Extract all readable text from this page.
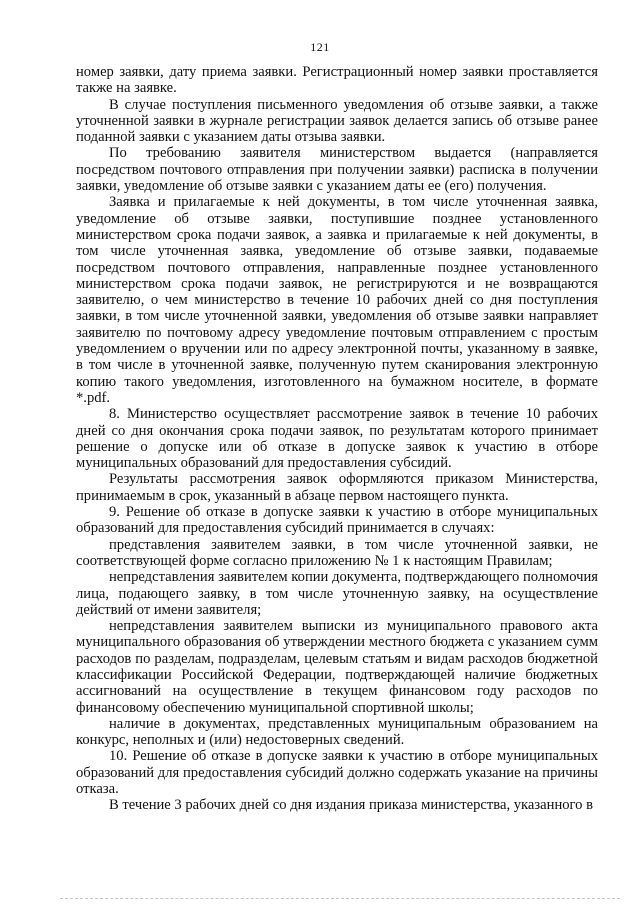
121

номер заявки, дату приема заявки. Регистрационный номер заявки проставляется также на заявке.

В случае поступления письменного уведомления об отзыве заявки, а также уточненной заявки в журнале регистрации заявок делается запись об отзыве ранее поданной заявки с указанием даты отзыва заявки.

По требованию заявителя министерством выдается (направляется посредством почтового отправления при получении заявки) расписка в получении заявки, уведомление об отзыве заявки с указанием даты ее (его) получения.

Заявка и прилагаемые к ней документы, в том числе уточненная заявка, уведомление об отзыве заявки, поступившие позднее установленного министерством срока подачи заявок, а заявка и прилагаемые к ней документы, в том числе уточненная заявка, уведомление об отзыве заявки, подаваемые посредством почтового отправления, направленные позднее установленного министерством срока подачи заявок, не регистрируются и не возвращаются заявителю, о чем министерство в течение 10 рабочих дней со дня поступления заявки, в том числе уточненной заявки, уведомления об отзыве заявки направляет заявителю по почтовому адресу уведомление почтовым отправлением с простым уведомлением о вручении или по адресу электронной почты, указанному в заявке, в том числе в уточненной заявке, полученную путем сканирования электронную копию такого уведомления, изготовленного на бумажном носителе, в формате *.pdf.

8. Министерство осуществляет рассмотрение заявок в течение 10 рабочих дней со дня окончания срока подачи заявок, по результатам которого принимает решение о допуске или об отказе в допуске заявок к участию в отборе муниципальных образований для предоставления субсидий.

Результаты рассмотрения заявок оформляются приказом Министерства, принимаемым в срок, указанный в абзаце первом настоящего пункта.

9. Решение об отказе в допуске заявки к участию в отборе муниципальных образований для предоставления субсидий принимается в случаях:

представления заявителем заявки, в том числе уточненной заявки, не соответствующей форме согласно приложению № 1 к настоящим Правилам;

непредставления заявителем копии документа, подтверждающего полномочия лица, подающего заявку, в том числе уточненную заявку, на осуществление действий от имени заявителя;

непредставления заявителем выписки из муниципального правового акта муниципального образования об утверждении местного бюджета с указанием сумм расходов по разделам, подразделам, целевым статьям и видам расходов бюджетной классификации Российской Федерации, подтверждающей наличие бюджетных ассигнований на осуществление в текущем финансовом году расходов по финансовому обеспечению муниципальной спортивной школы;

наличие в документах, представленных муниципальным образованием на конкурс, неполных и (или) недостоверных сведений.

10. Решение об отказе в допуске заявки к участию в отборе муниципальных образований для предоставления субсидий должно содержать указание на причины отказа.

В течение 3 рабочих дней со дня издания приказа министерства, указанного в
